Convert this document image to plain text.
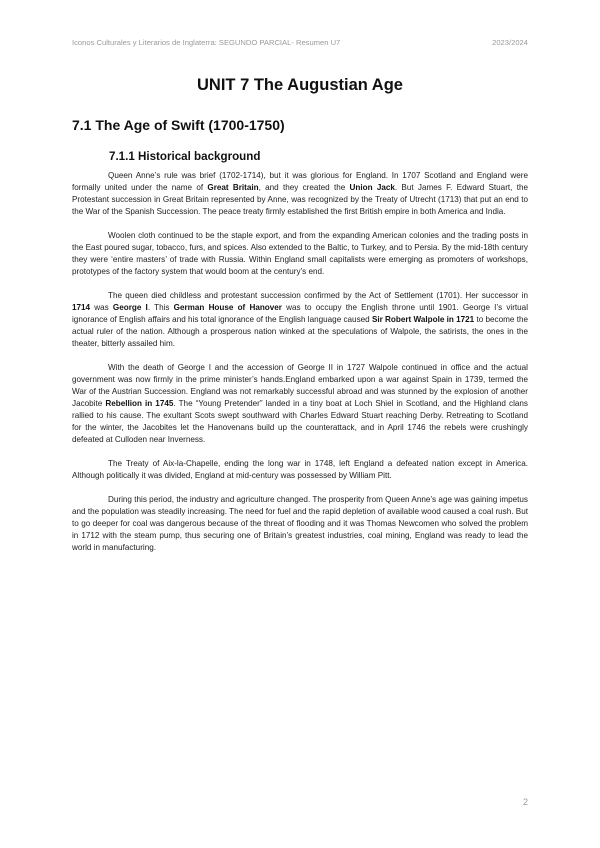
Iconos Culturales y Literarios de Inglaterra: SEGUNDO PARCIAL- Resumen U7	2023/2024
UNIT 7 The Augustian Age
7.1 The Age of Swift (1700-1750)
7.1.1 Historical background

Queen Anne’s rule was brief (1702-1714), but it was glorious for England. In 1707 Scotland and England were formally united under the name of Great Britain, and they created the Union Jack. But James F. Edward Stuart, the Protestant succession in Great Britain represented by Anne, was recognized by the Treaty of Utrecht (1713) that put an end to the War of the Spanish Succession. The peace treaty firmly established the first British empire in both America and India.

Woolen cloth continued to be the staple export, and from the expanding American colonies and the trading posts in the East poured sugar, tobacco, furs, and spices. Also extended to the Baltic, to Turkey, and to Persia. By the mid-18th century they were ‘entire masters’ of trade with Russia. Within England small capitalists were emerging as promoters of workshops, prototypes of the factory system that would boom at the century’s end.

The queen died childless and protestant succession confirmed by the Act of Settlement (1701). Her successor in 1714 was George I. This German House of Hanover was to occupy the English throne until 1901. George I’s virtual ignorance of English affairs and his total ignorance of the English language caused Sir Robert Walpole in 1721 to become the actual ruler of the nation. Although a prosperous nation winked at the speculations of Walpole, the satirists, the ones in the theater, bitterly assailed him.

With the death of George I and the accession of George II in 1727 Walpole continued in office and the actual government was now firmly in the prime minister’s hands.England embarked upon a war against Spain in 1739, termed the War of the Austrian Succession. England was not remarkably successful abroad and was stunned by the explosion of another Jacobite Rebellion in 1745. The “Young Pretender” landed in a tiny boat at Loch Shiel in Scotland, and the Highland clans rallied to his cause. The exultant Scots swept southward with Charles Edward Stuart reaching Derby. Retreating to Scotland for the winter, the Jacobites let the Hanovenans build up the counterattack, and in April 1746 the rebels were crushingly defeated at Culloden near Inverness.

The Treaty of Aix-la-Chapelle, ending the long war in 1748, left England a defeated nation except in America. Although politically it was divided, England at mid-century was possessed by William Pitt.

During this period, the industry and agriculture changed. The prosperity from Queen Anne’s age was gaining impetus and the population was steadily increasing. The need for fuel and the rapid depletion of available wood caused a coal rush. But to go deeper for coal was dangerous because of the threat of flooding and it was Thomas Newcomen who solved the problem in 1712 with the steam pump, thus securing one of Britain’s greatest industries, coal mining, England was ready to lead the world in manufacturing.

2
